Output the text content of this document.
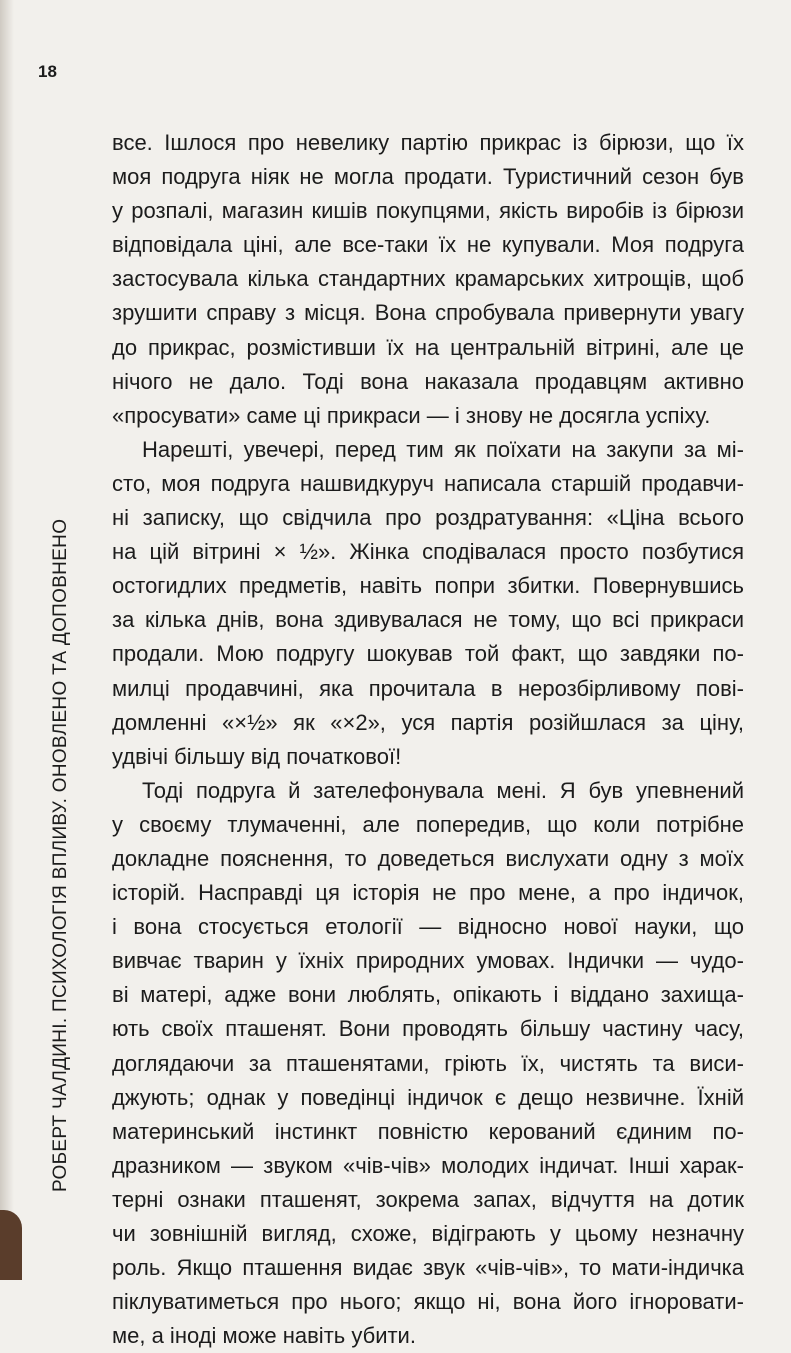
18
РОБЕРТ ЧАЛДИНІ. ПСИХОЛОГІЯ ВПЛИВУ. ОНОВЛЕНО ТА ДОПОВНЕНО
все. Ішлося про невелику партію прикрас із бірюзи, що їх
моя подруга ніяк не могла продати. Туристичний сезон був
у розпалі, магазин кишів покупцями, якість виробів із бірюзи
відповідала ціні, але все-таки їх не купували. Моя подруга
застосувала кілька стандартних крамарських хитрощів, щоб
зрушити справу з місця. Вона спробувала привернути увагу
до прикрас, розмістивши їх на центральній вітрині, але це
нічого не дало. Тоді вона наказала продавцям активно
«просувати» саме ці прикраси — і знову не досягла успіху.
Нарешті, увечері, перед тим як поїхати на закупи за мі-
сто, моя подруга нашвидкуруч написала старшій продавчи-
ні записку, що свідчила про роздратування: «Ціна всього
на цій вітрині × ½». Жінка сподівалася просто позбутися
остогидлих предметів, навіть попри збитки. Повернувшись
за кілька днів, вона здивувалася не тому, що всі прикраси
продали. Мою подругу шокував той факт, що завдяки по-
милці продавчині, яка прочитала в нерозбірливому пові-
домленні «×½» як «×2», уся партія розійшлася за ціну,
удвічі більшу від початкової!
Тоді подруга й зателефонувала мені. Я був упевнений
у своєму тлумаченні, але попередив, що коли потрібне
докладне пояснення, то доведеться вислухати одну з моїх
історій. Насправді ця історія не про мене, а про індичок,
і вона стосується етології — відносно нової науки, що
вивчає тварин у їхніх природних умовах. Індички — чудо-
ві матері, адже вони люблять, опікають і віддано захища-
ють своїх пташенят. Вони проводять більшу частину часу,
доглядаючи за пташенятами, гріють їх, чистять та виси-
джують; однак у поведінці індичок є дещо незвичне. Їхній
материнський інстинкт повністю керований єдиним по-
дразником — звуком «чів-чів» молодих індичат. Інші харак-
терні ознаки пташенят, зокрема запах, відчуття на дотик
чи зовнішній вигляд, схоже, відіграють у цьому незначну
роль. Якщо пташення видає звук «чів-чів», то мати-індичка
піклуватиметься про нього; якщо ні, вона його ігноровати-
ме, а іноді може навіть убити.
